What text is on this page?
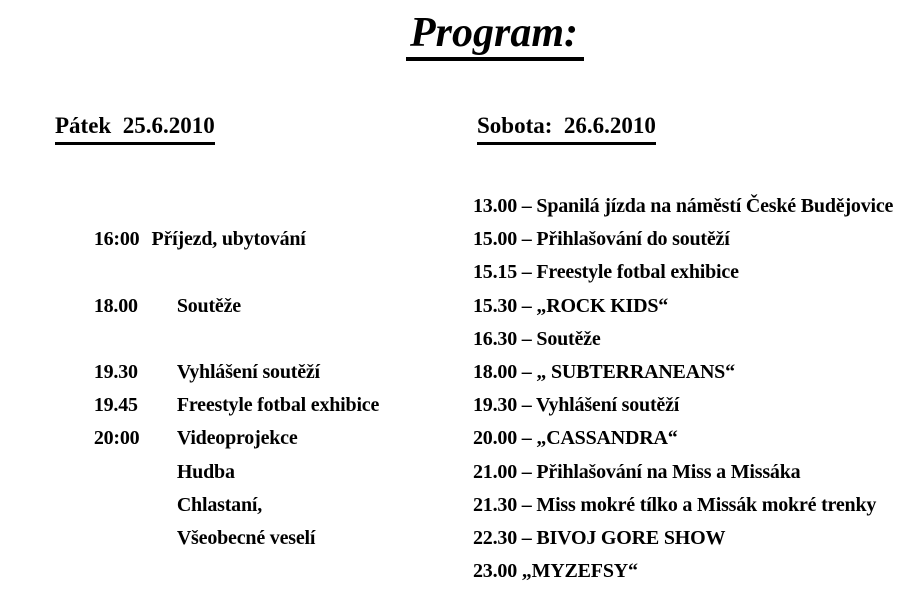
Program:
Pátek  25.6.2010	Sobota:  26.6.2010

16:00 Příjezd, ubytování

18.00 Soutěže

19.30 Vyhlášení soutěží

19.45 Freestyle fotbal exhibice

20:00 Videoprojekce

Hudba

Chlastaní,

Všeobecné veselí

13.00 – Spanilá jízda na náměstí České Budějovice
15.00 – Přihlašování do soutěží
15.15 – Freestyle fotbal exhibice
15.30 – „ROCK KIDS“
16.30 – Soutěže
18.00 – „ SUBTERRANEANS“
19.30 – Vyhlášení soutěží
20.00 – „CASSANDRA“
21.00 – Přihlašování na Miss a Missáka
21.30 – Miss mokré tílko a Missák mokré trenky
22.30 – BIVOJ GORE SHOW
23.00 „MYZEFSY“
